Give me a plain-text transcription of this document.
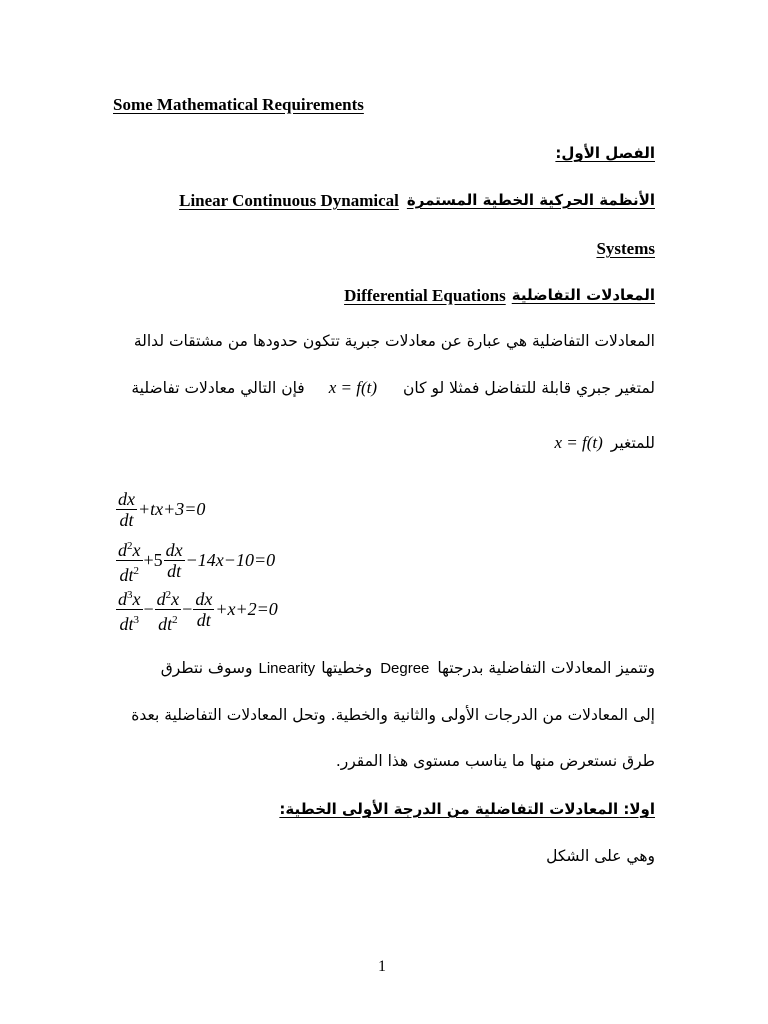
Some Mathematical Requirements
الفصل الأول:
الأنظمة الحركية الخطية المستمرة
Linear Continuous Dynamical
Systems
المعادلات التفاضلية
Differential Equations
المعادلات التفاضلية هي عبارة عن معادلات جبرية تتكون حدودها من مشتقات لدالة
لمتغير جبري قابلة للتفاضل فمثلا لو كان
x = f(t)
فإن التالي معادلات تفاضلية
للمتغير
x = f(t)
$\frac{dx}{dt} +tx+3=0$
$\frac{d^2x}{dt^2} +5 \frac{dx}{dt} -14x-10=0$
$\frac{d^3x}{dt^3} - \frac{d^2x}{dt^2} - \frac{dx}{dt} +x+2=0$
وتتميز المعادلات التفاضلية بدرجتها
Degree
وخطيتها
Linearity
وسوف نتطرق
إلى المعادلات من الدرجات الأولى والثانية والخطية. وتحل المعادلات التفاضلية بعدة
طرق نستعرض منها ما يناسب مستوى هذا المقرر.
اولا: المعادلات التفاضلية من الدرجة الأولى الخطية:
وهي على الشكل
1
